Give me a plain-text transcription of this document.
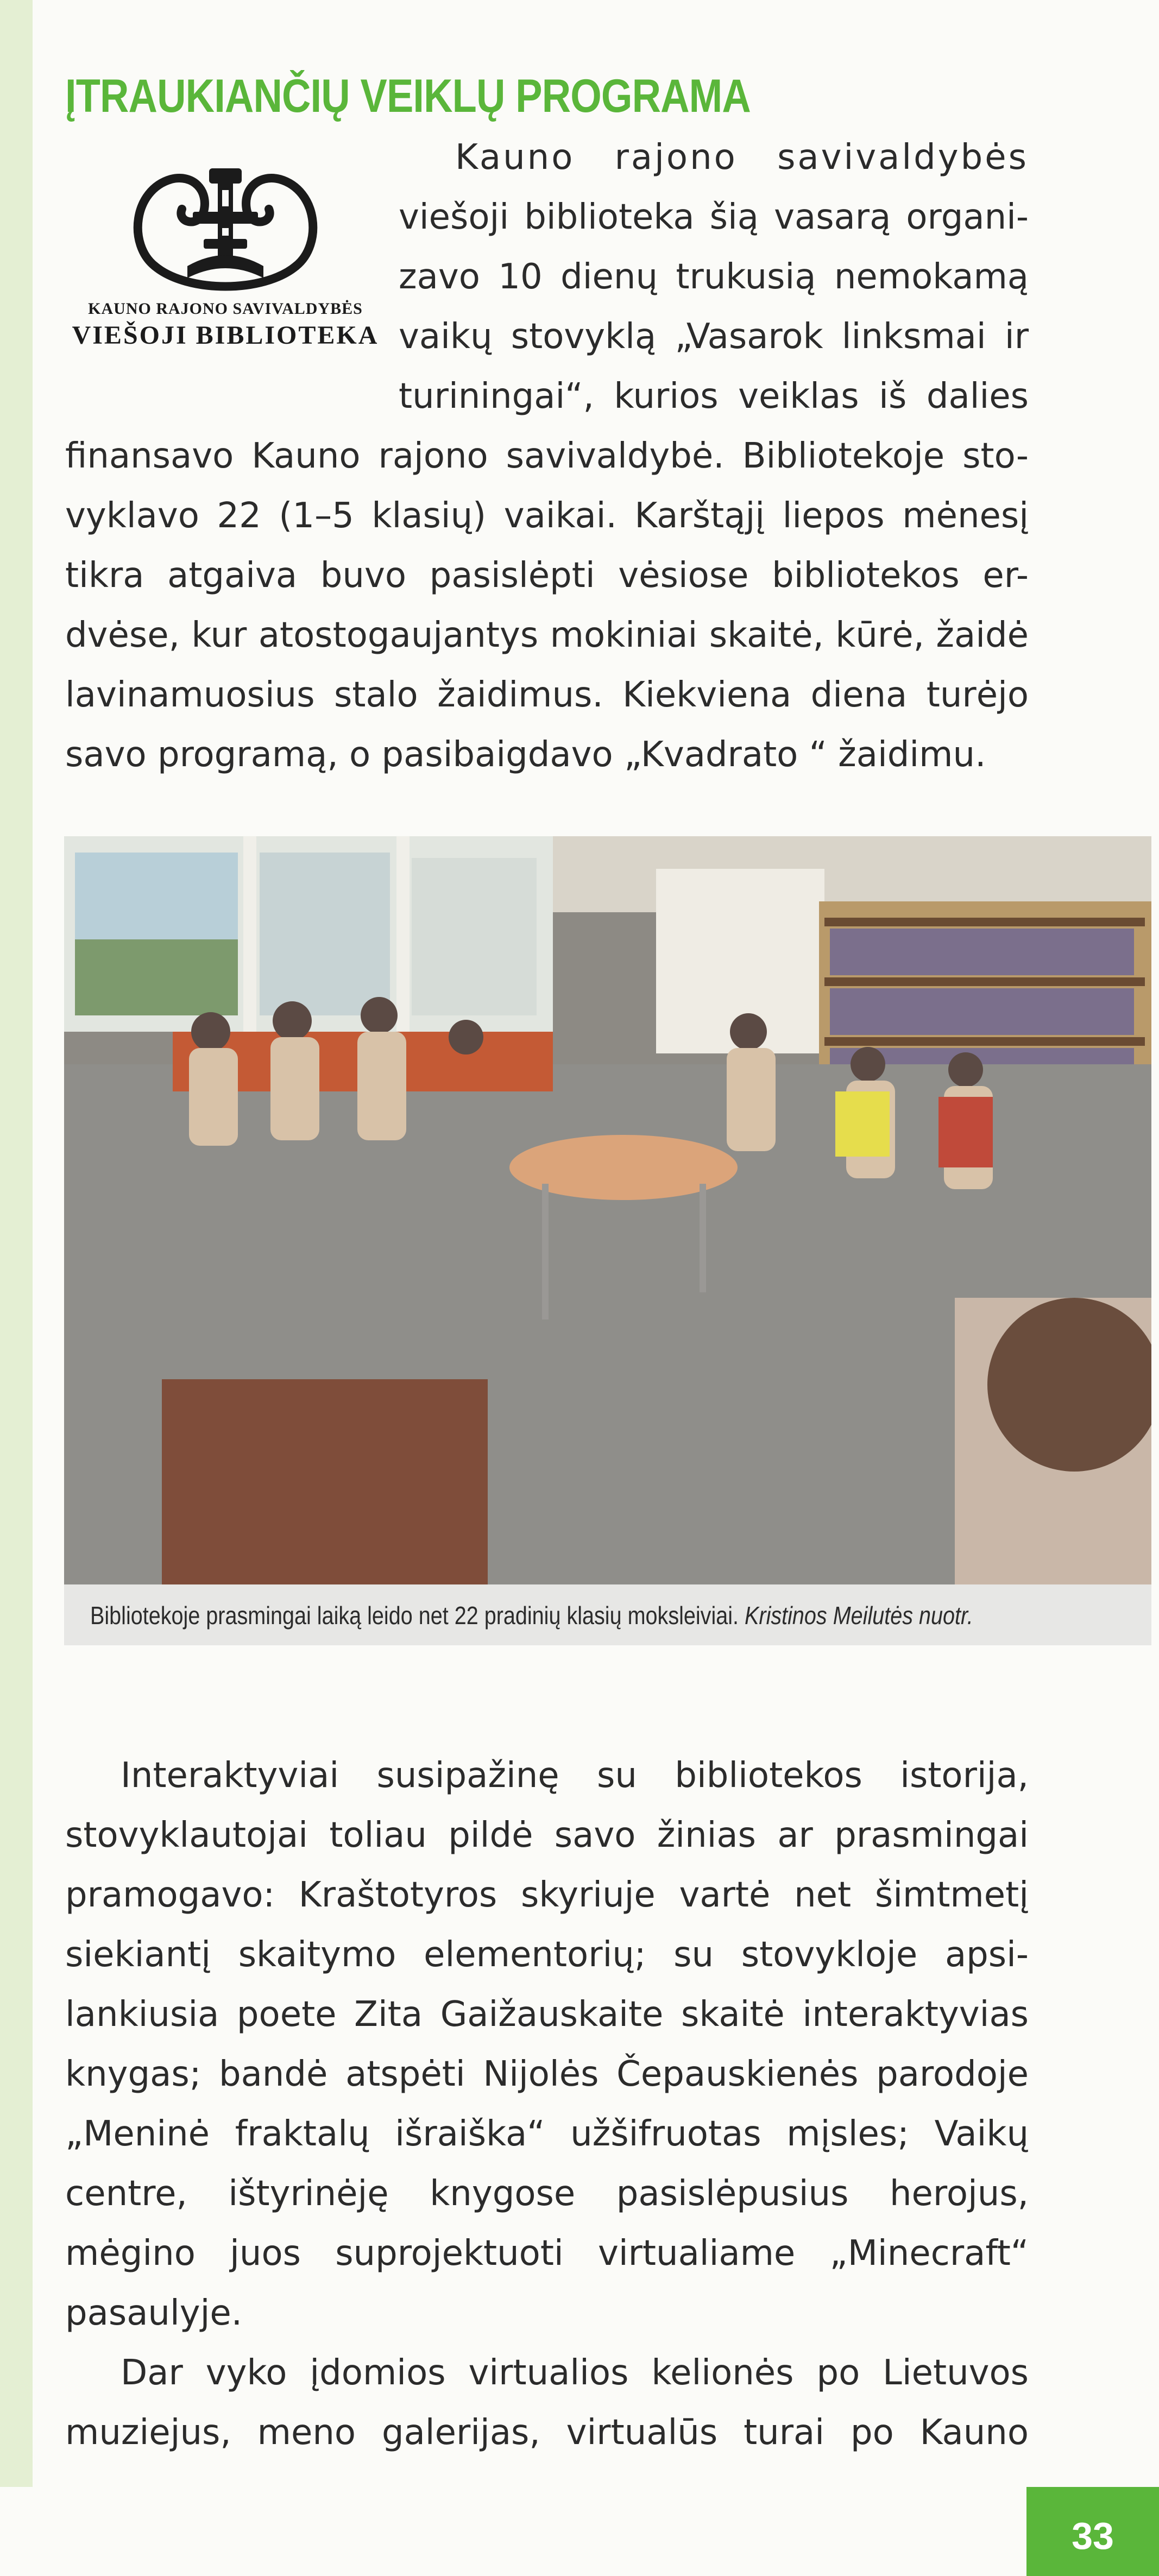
ĮTRAUKIANČIŲ VEIKLŲ PROGRAMA
KAUNO RAJONO SAVIVALDYBĖS
VIEŠOJI BIBLIOTEKA
Kauno rajono savivaldybės
viešoji biblioteka šią vasarą organi-
zavo 10 dienų trukusią nemokamą
vaikų stovyklą „Vasarok linksmai ir
turiningai“, kurios veiklas iš dalies
finansavo Kauno rajono savivaldybė. Bibliotekoje sto-
vyklavo 22 (1–5 klasių) vaikai. Karštąjį liepos mėnesį
tikra atgaiva buvo pasislėpti vėsiose bibliotekos er-
dvėse, kur atostogaujantys mokiniai skaitė, kūrė, žaidė
lavinamuosius stalo žaidimus. Kiekviena diena turėjo
savo programą, o pasibaigdavo „Kvadrato “ žaidimu.
Bibliotekoje prasmingai laiką leido net 22 pradinių klasių moksleiviai. Kristinos Meilutės nuotr.
Interaktyviai susipažinę su bibliotekos istorija,
stovyklautojai toliau pildė savo žinias ar prasmingai
pramogavo: Kraštotyros skyriuje vartė net šimtmetį
siekiantį skaitymo elementorių; su stovykloje apsi-
lankiusia poete Zita Gaižauskaite skaitė interaktyvias
knygas; bandė atspėti Nijolės Čepauskienės parodoje
„Meninė fraktalų išraiška“ užšifruotas mįsles; Vaikų
centre, ištyrinėję knygose pasislėpusius herojus,
mėgino juos suprojektuoti virtualiame „Minecraft“
pasaulyje.
Dar vyko įdomios virtualios kelionės po Lietuvos
muziejus, meno galerijas, virtualūs turai po Kauno
33
